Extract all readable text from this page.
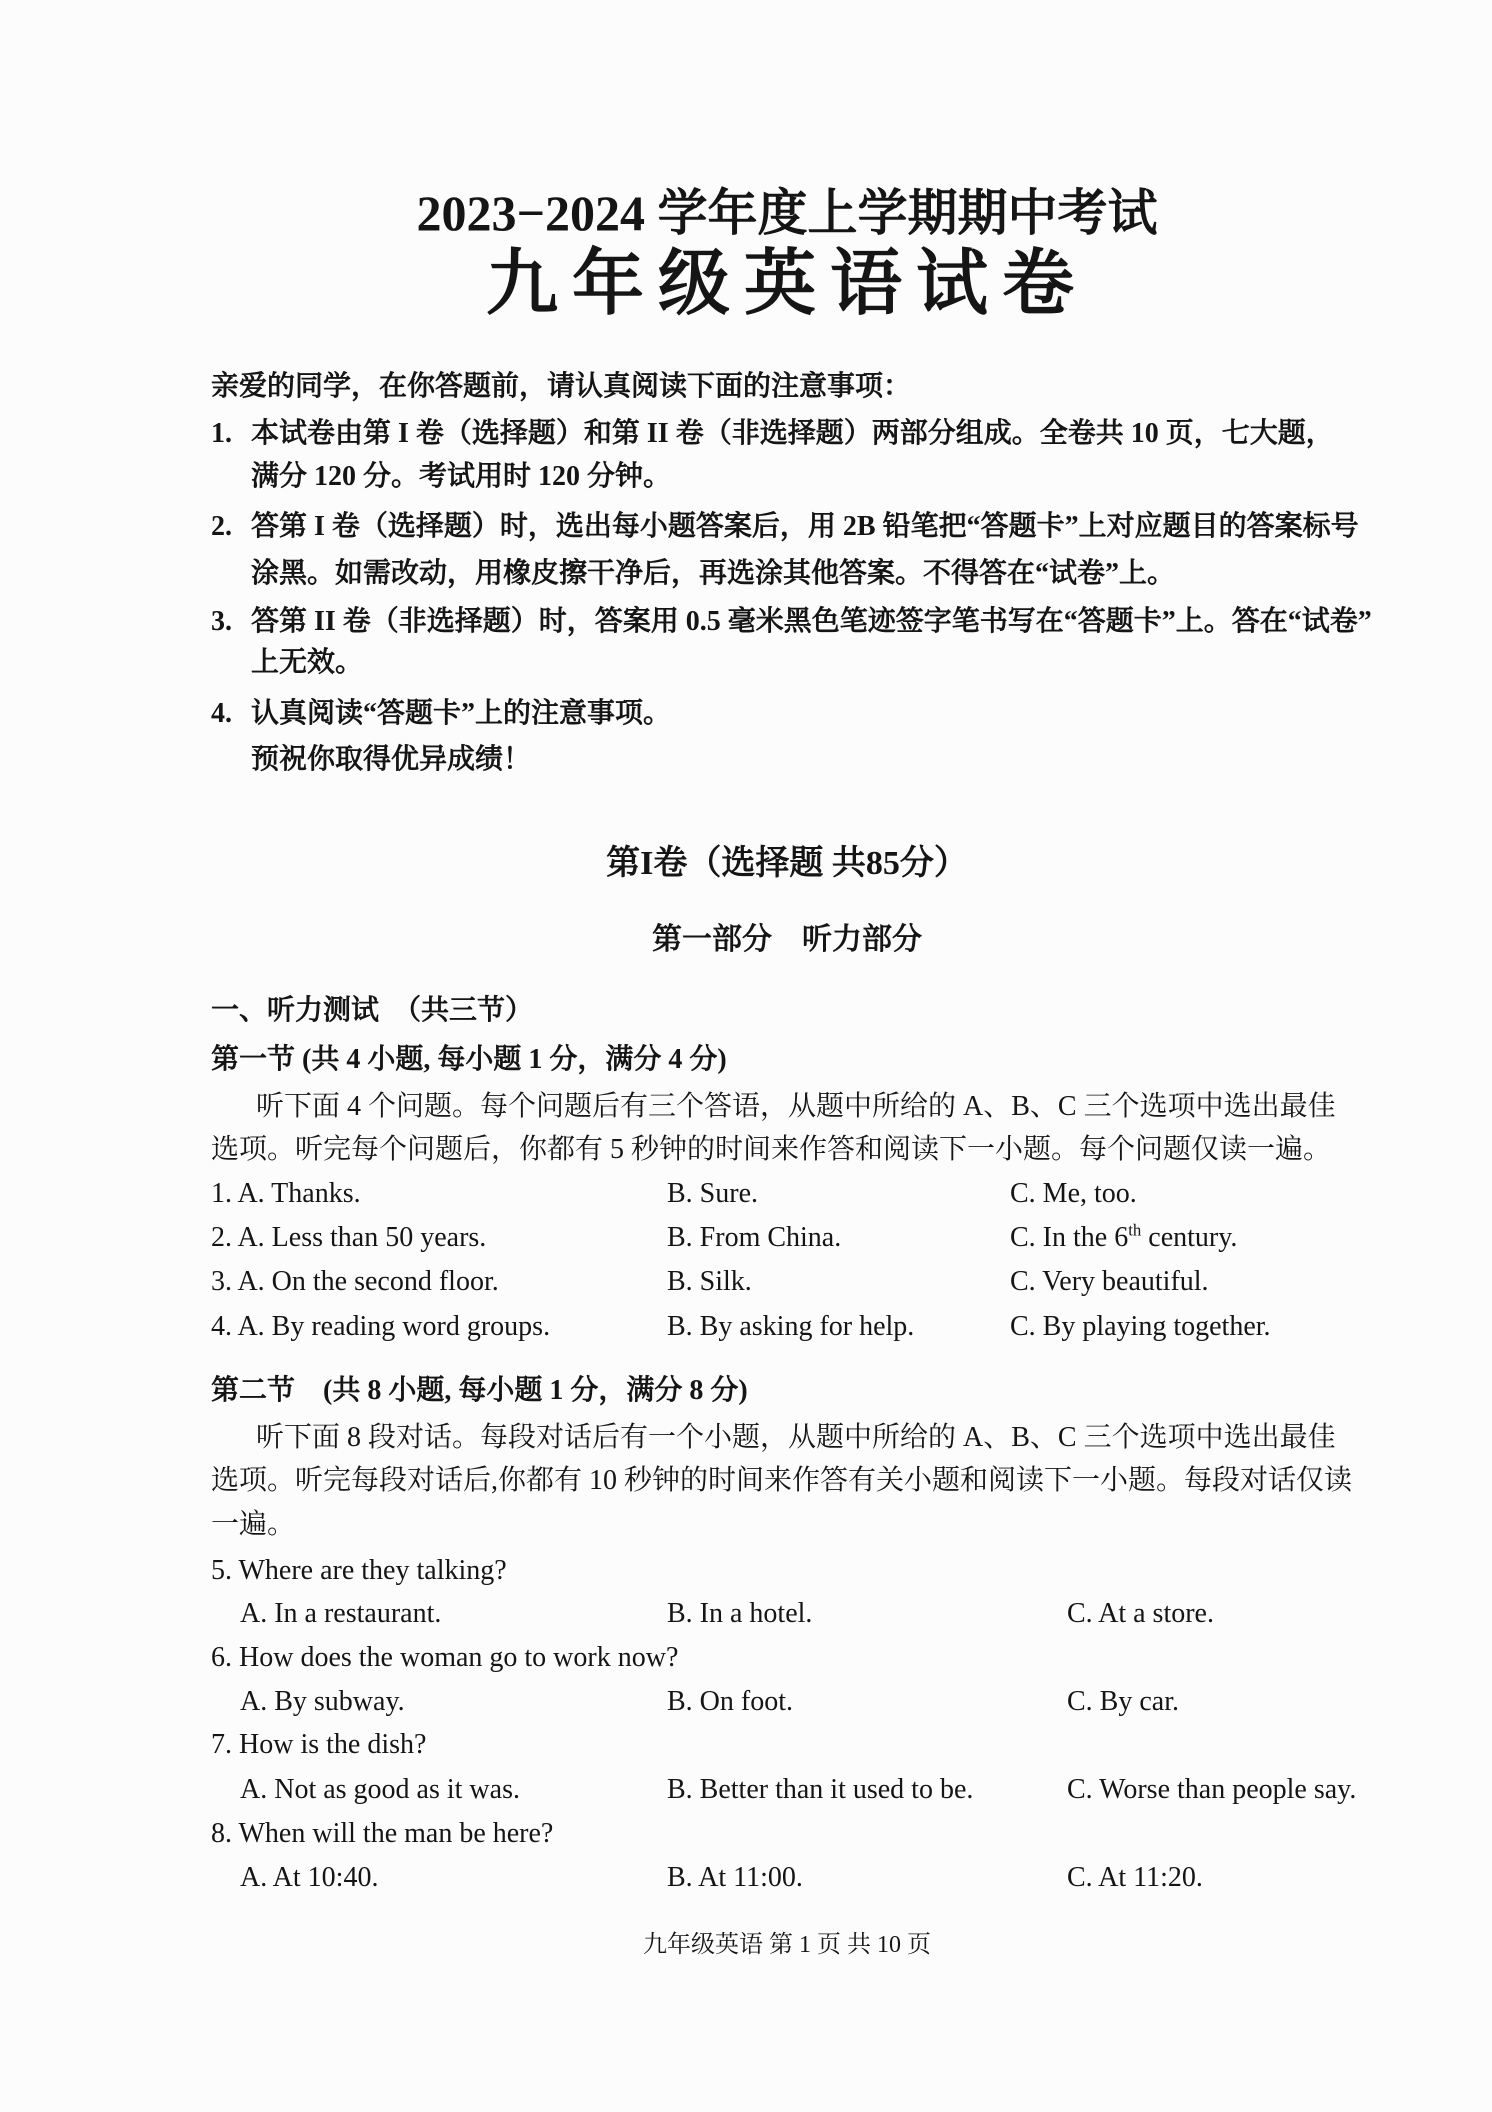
2023−2024 学年度上学期期中考试
九年级英语试卷
亲爱的同学，在你答题前，请认真阅读下面的注意事项：
1. 本试卷由第 I 卷（选择题）和第 II 卷（非选择题）两部分组成。全卷共 10 页，七大题，
满分 120 分。考试用时 120 分钟。
2. 答第 I 卷（选择题）时，选出每小题答案后，用 2B 铅笔把“答题卡”上对应题目的答案标号
涂黑。如需改动，用橡皮擦干净后，再选涂其他答案。不得答在“试卷”上。
3. 答第 II 卷（非选择题）时，答案用 0.5 毫米黑色笔迹签字笔书写在“答题卡”上。答在“试卷”
上无效。
4. 认真阅读“答题卡”上的注意事项。
预祝你取得优异成绩！
第I卷（选择题 共85分）
第一部分　听力部分
一、听力测试　（共三节）
第一节 (共 4 小题, 每小题 1 分，满分 4 分)
听下面 4 个问题。每个问题后有三个答语，从题中所给的 A、B、C 三个选项中选出最佳
选项。听完每个问题后，你都有 5 秒钟的时间来作答和阅读下一小题。每个问题仅读一遍。
1. A. Thanks.	B. Sure.	C. Me, too.
2. A. Less than 50 years.	B. From China.	C. In the 6th century.
3. A. On the second floor.	B. Silk.	C. Very beautiful.
4. A. By reading word groups.	B. By asking for help.	C. By playing together.
第二节　(共 8 小题, 每小题 1 分，满分 8 分)
听下面 8 段对话。每段对话后有一个小题，从题中所给的 A、B、C 三个选项中选出最佳
选项。听完每段对话后,你都有 10 秒钟的时间来作答有关小题和阅读下一小题。每段对话仅读
一遍。
5. Where are they talking?
A. In a restaurant.	B. In a hotel.	C. At a store.
6. How does the woman go to work now?
A. By subway.	B. On foot.	C. By car.
7. How is the dish?
A. Not as good as it was.	B. Better than it used to be.	C. Worse than people say.
8. When will the man be here?
A. At 10:40.	B. At 11:00.	C. At 11:20.
九年级英语 第 1 页 共 10 页
